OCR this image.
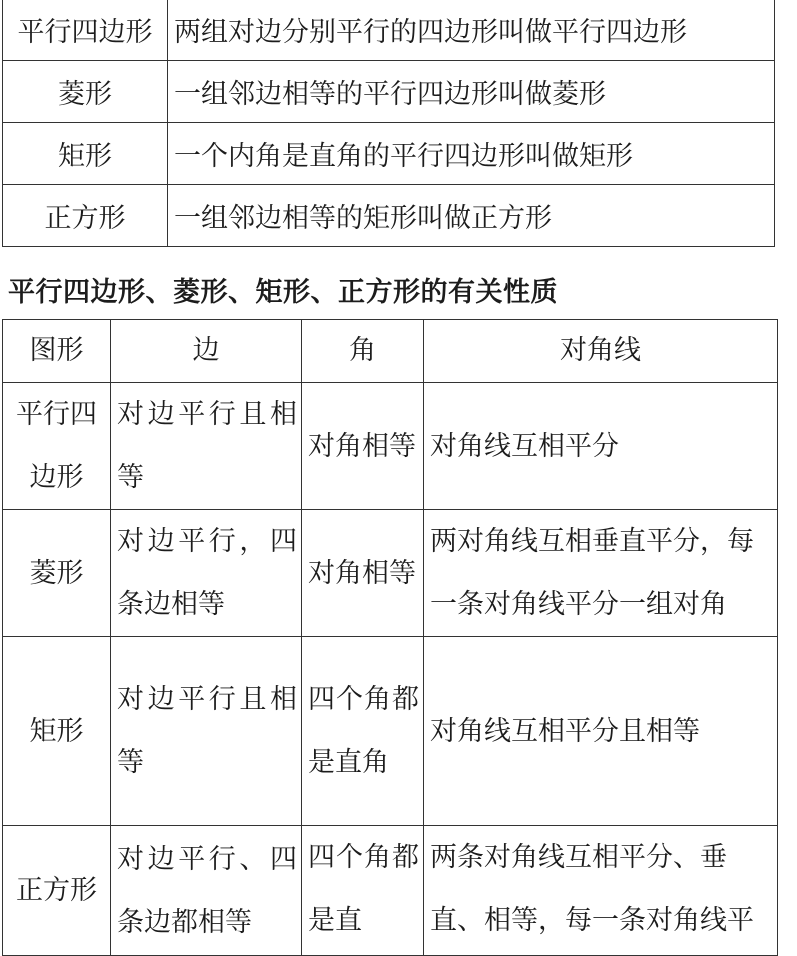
平行四边形	两组对边分别平行的四边形叫做平行四边形
菱形	一组邻边相等的平行四边形叫做菱形
矩形	一个内角是直角的平行四边形叫做矩形
正方形	一组邻边相等的矩形叫做正方形
平行四边形、菱形、矩形、正方形的有关性质
图形	边	角	对角线
平行四边形	对边平行且相等	对角相等	对角线互相平分
菱形	对边平行，四条边相等	对角相等	两对角线互相垂直平分，每一条对角线平分一组对角
矩形	对边平行且相等	四个角都是直角	对角线互相平分且相等
正方形	对边平行、四条边都相等	四个角都是直	两条对角线互相平分、垂直、相等，每一条对角线平
